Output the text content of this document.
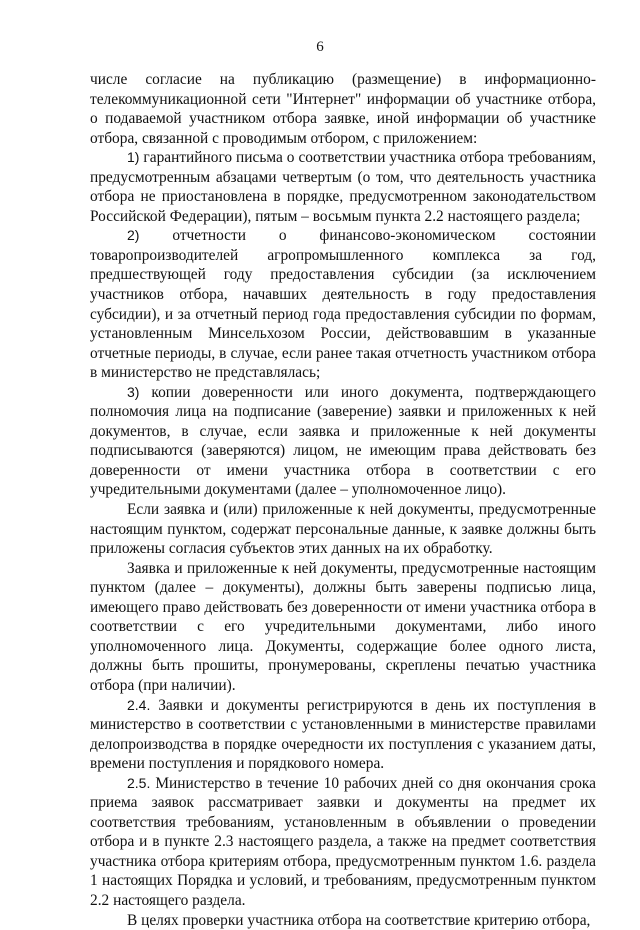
6

числе согласие на публикацию (размещение) в информационно-телекоммуникационной сети "Интернет" информации об участнике отбора, о подаваемой участником отбора заявке, иной информации об участнике отбора, связанной с проводимым отбором, с приложением:

1) гарантийного письма о соответствии участника отбора требованиям, предусмотренным абзацами четвертым (о том, что деятельность участника отбора не приостановлена в порядке, предусмотренном законодательством Российской Федерации), пятым – восьмым пункта 2.2 настоящего раздела;

2) отчетности о финансово-экономическом состоянии товаропроизводителей агропромышленного комплекса за год, предшествующей году предоставления субсидии (за исключением участников отбора, начавших деятельность в году предоставления субсидии), и за отчетный период года предоставления субсидии по формам, установленным Минсельхозом России, действовавшим в указанные отчетные периоды, в случае, если ранее такая отчетность участником отбора в министерство не представлялась;

3) копии доверенности или иного документа, подтверждающего полномочия лица на подписание (заверение) заявки и приложенных к ней документов, в случае, если заявка и приложенные к ней документы подписываются (заверяются) лицом, не имеющим права действовать без доверенности от имени участника отбора в соответствии с его учредительными документами (далее – уполномоченное лицо).

Если заявка и (или) приложенные к ней документы, предусмотренные настоящим пунктом, содержат персональные данные, к заявке должны быть приложены согласия субъектов этих данных на их обработку.

Заявка и приложенные к ней документы, предусмотренные настоящим пунктом (далее – документы), должны быть заверены подписью лица, имеющего право действовать без доверенности от имени участника отбора в соответствии с его учредительными документами, либо иного уполномоченного лица. Документы, содержащие более одного листа, должны быть прошиты, пронумерованы, скреплены печатью участника отбора (при наличии).

2.4. Заявки и документы регистрируются в день их поступления в министерство в соответствии с установленными в министерстве правилами делопроизводства в порядке очередности их поступления с указанием даты, времени поступления и порядкового номера.

2.5. Министерство в течение 10 рабочих дней со дня окончания срока приема заявок рассматривает заявки и документы на предмет их соответствия требованиям, установленным в объявлении о проведении отбора и в пункте 2.3 настоящего раздела, а также на предмет соответствия участника отбора критериям отбора, предусмотренным пунктом 1.6. раздела 1 настоящих Порядка и условий, и требованиям, предусмотренным пунктом 2.2 настоящего раздела.

В целях проверки участника отбора на соответствие критерию отбора,
